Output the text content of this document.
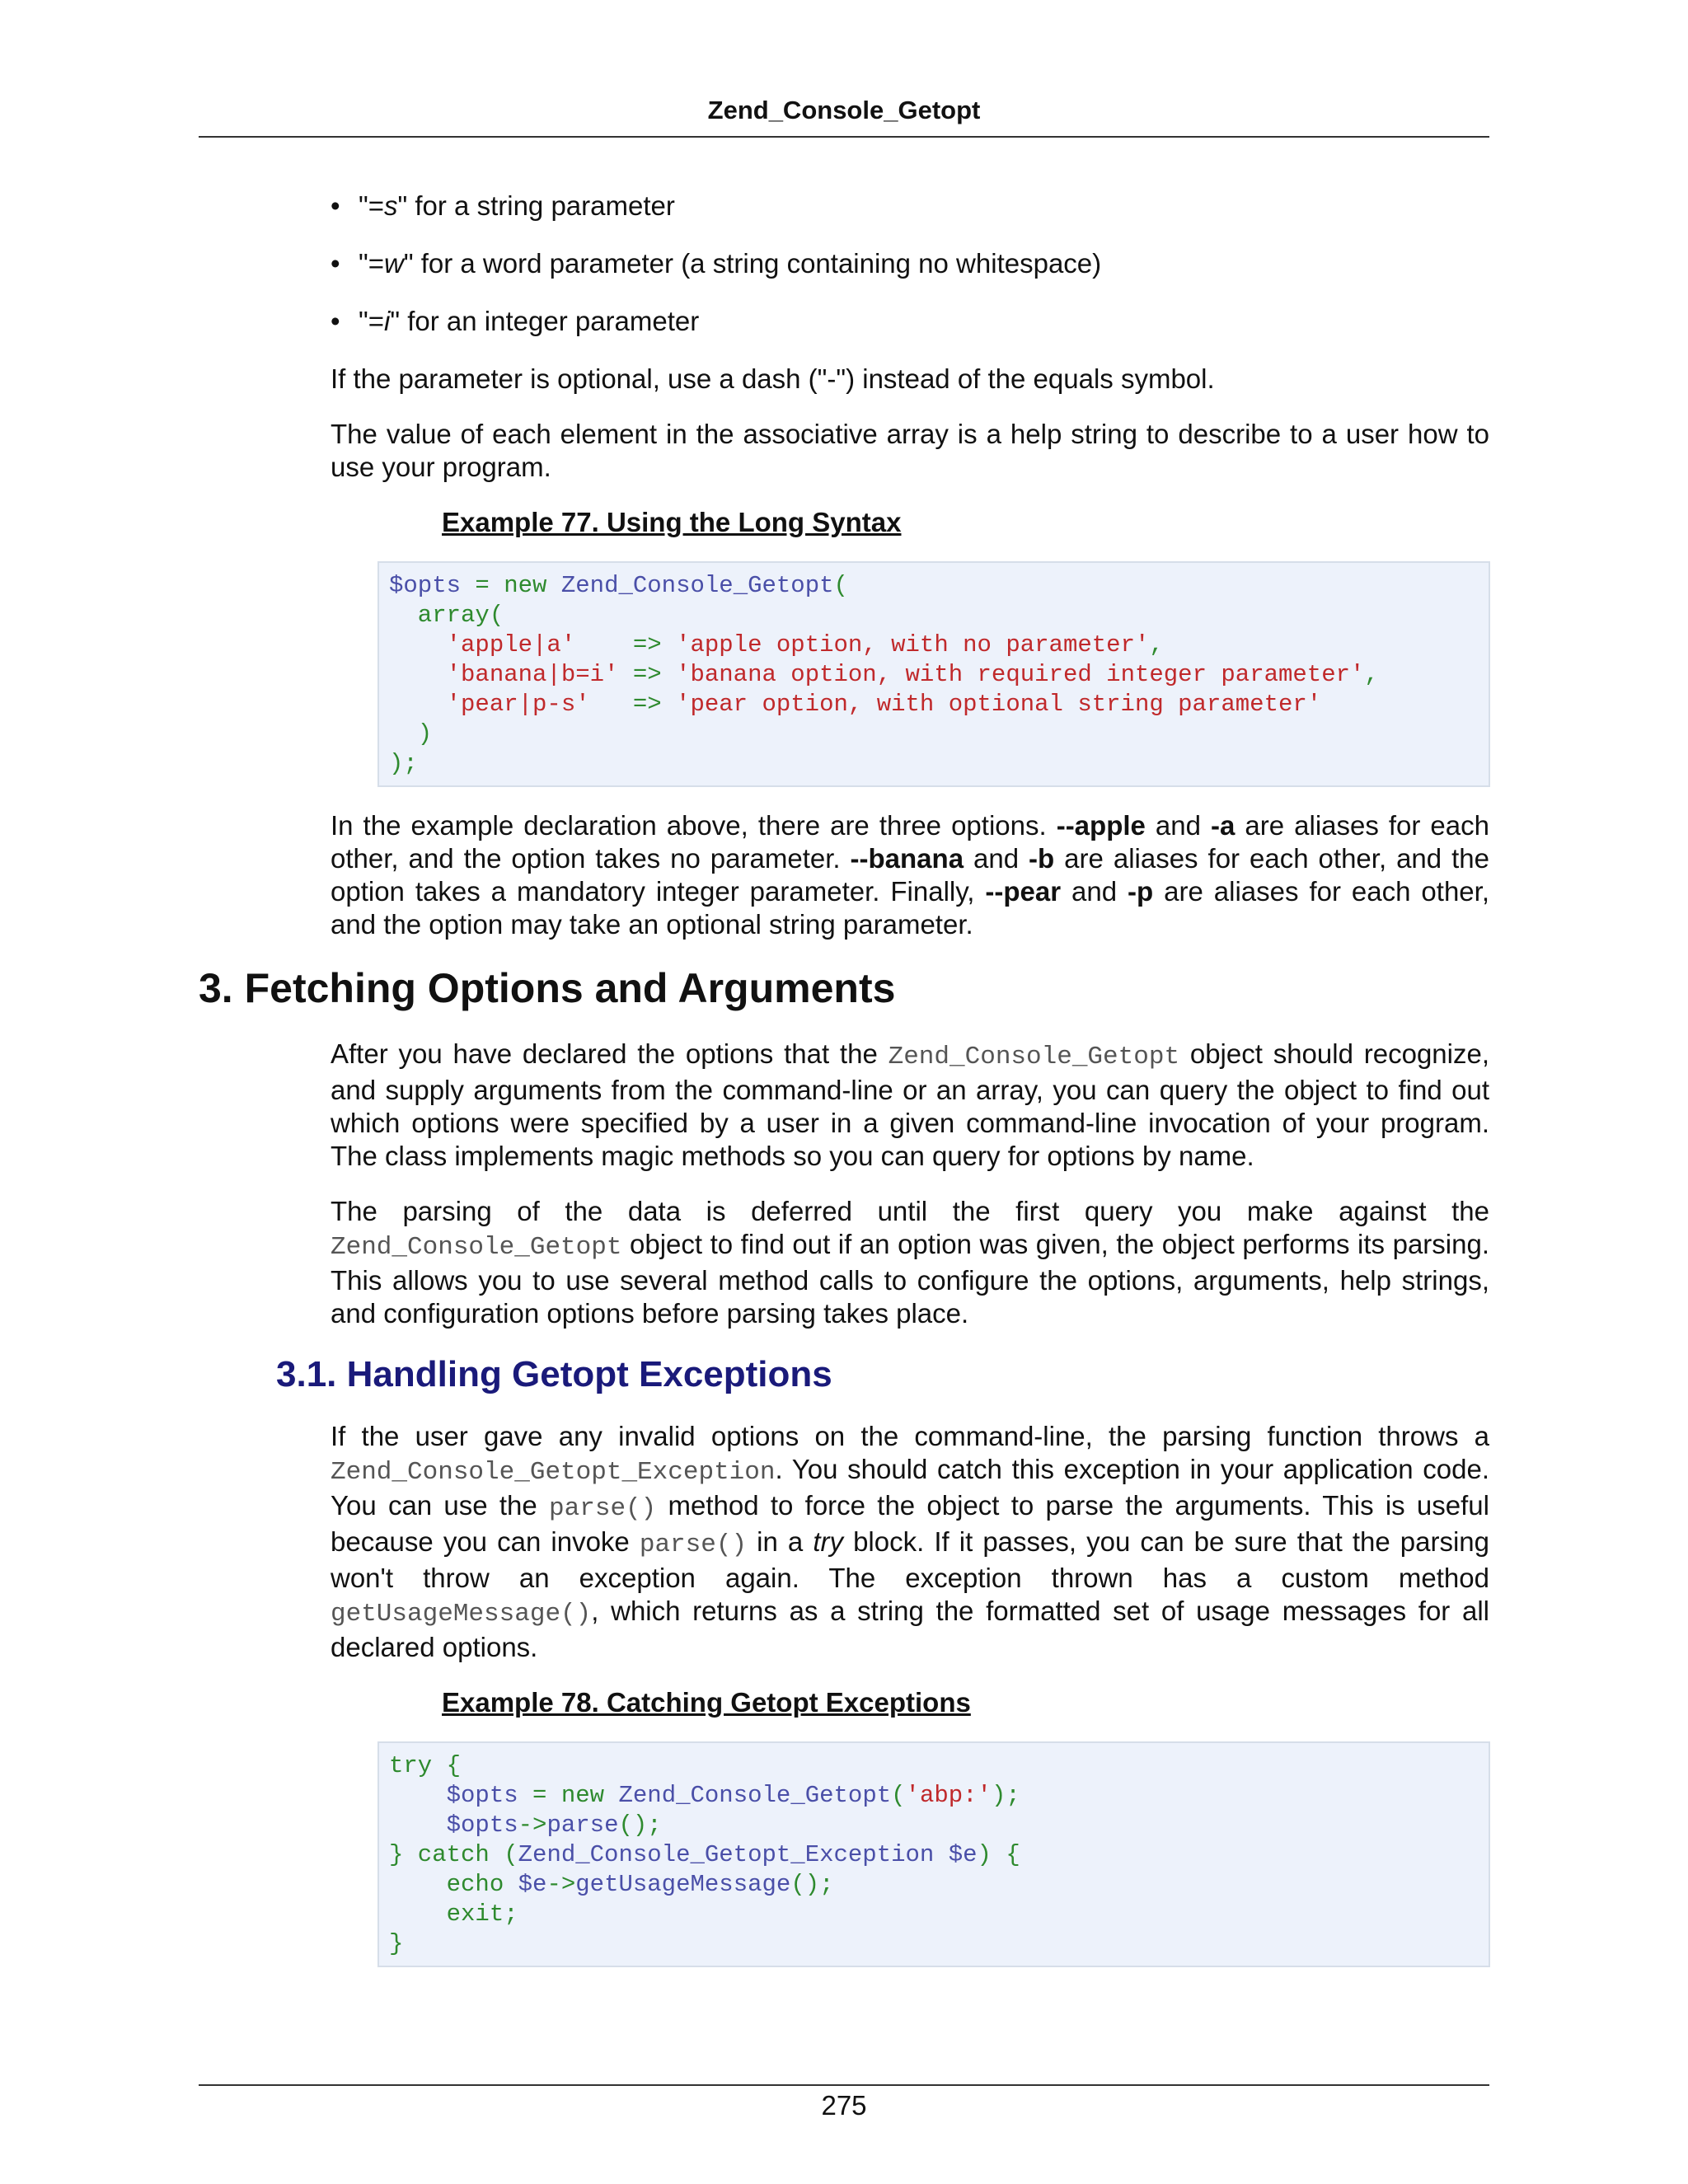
Zend_Console_Getopt
• "=s" for a string parameter
• "=w" for a word parameter (a string containing no whitespace)
• "=i" for an integer parameter

If the parameter is optional, use a dash ("-") instead of the equals symbol.

The value of each element in the associative array is a help string to describe to a user how to use your program.

Example 77. Using the Long Syntax
$opts = new Zend_Console_Getopt(
array(
'apple|a'    => 'apple option, with no parameter',
'banana|b=i' => 'banana option, with required integer parameter',
'pear|p-s'   => 'pear option, with optional string parameter'
)
);

In the example declaration above, there are three options. --apple and -a are aliases for each other, and the option takes no parameter. --banana and -b are aliases for each other, and the option takes a mandatory integer parameter. Finally, --pear and -p are aliases for each other, and the option may take an optional string parameter.

3. Fetching Options and Arguments

After you have declared the options that the Zend_Console_Getopt object should recognize, and supply arguments from the command-line or an array, you can query the object to find out which options were specified by a user in a given command-line invocation of your program. The class implements magic methods so you can query for options by name.

The parsing of the data is deferred until the first query you make against the Zend_Console_Getopt object to find out if an option was given, the object performs its parsing. This allows you to use several method calls to configure the options, arguments, help strings, and configuration options before parsing takes place.

3.1. Handling Getopt Exceptions

If the user gave any invalid options on the command-line, the parsing function throws a Zend_Console_Getopt_Exception. You should catch this exception in your application code. You can use the parse() method to force the object to parse the arguments. This is useful because you can invoke parse() in a try block. If it passes, you can be sure that the parsing won't throw an exception again. The exception thrown has a custom method getUsageMessage(), which returns as a string the formatted set of usage messages for all declared options.

Example 78. Catching Getopt Exceptions
try {
$opts = new Zend_Console_Getopt('abp:');
$opts->parse();
} catch (Zend_Console_Getopt_Exception $e) {
echo $e->getUsageMessage();
exit;
}
275
